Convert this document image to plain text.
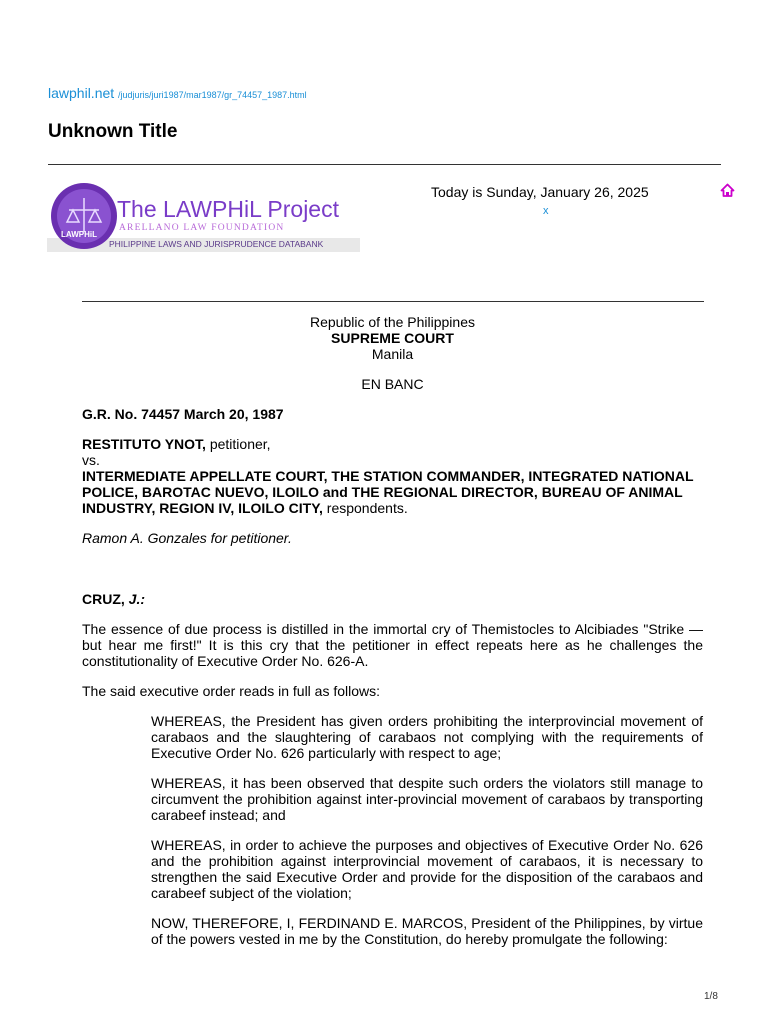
lawphil.net /judjuris/juri1987/mar1987/gr_74457_1987.html
Unknown Title
LAWPHiL
The LAWPHiL Project
ARELLANO LAW FOUNDATION
PHILIPPINE LAWS AND JURISPRUDENCE DATABANK
Today is Sunday, January 26, 2025
x

Republic of the Philippines

SUPREME COURT

Manila

EN BANC

G.R. No. 74457 March 20, 1987

RESTITUTO YNOT, petitioner,

vs.

INTERMEDIATE APPELLATE COURT, THE STATION COMMANDER, INTEGRATED NATIONAL POLICE, BAROTAC NUEVO, ILOILO and THE REGIONAL DIRECTOR, BUREAU OF ANIMAL INDUSTRY, REGION IV, ILOILO CITY, respondents.

Ramon A. Gonzales for petitioner.

CRUZ, J.:

The essence of due process is distilled in the immortal cry of Themistocles to Alcibiades "Strike — but hear me first!" It is this cry that the petitioner in effect repeats here as he challenges the constitutionality of Executive Order No. 626-A.

The said executive order reads in full as follows:

WHEREAS, the President has given orders prohibiting the interprovincial movement of carabaos and the slaughtering of carabaos not complying with the requirements of Executive Order No. 626 particularly with respect to age;

WHEREAS, it has been observed that despite such orders the violators still manage to circumvent the prohibition against inter-provincial movement of carabaos by transporting carabeef instead; and

WHEREAS, in order to achieve the purposes and objectives of Executive Order No. 626 and the prohibition against interprovincial movement of carabaos, it is necessary to strengthen the said Executive Order and provide for the disposition of the carabaos and carabeef subject of the violation;

NOW, THEREFORE, I, FERDINAND E. MARCOS, President of the Philippines, by virtue of the powers vested in me by the Constitution, do hereby promulgate the following:

1/8
